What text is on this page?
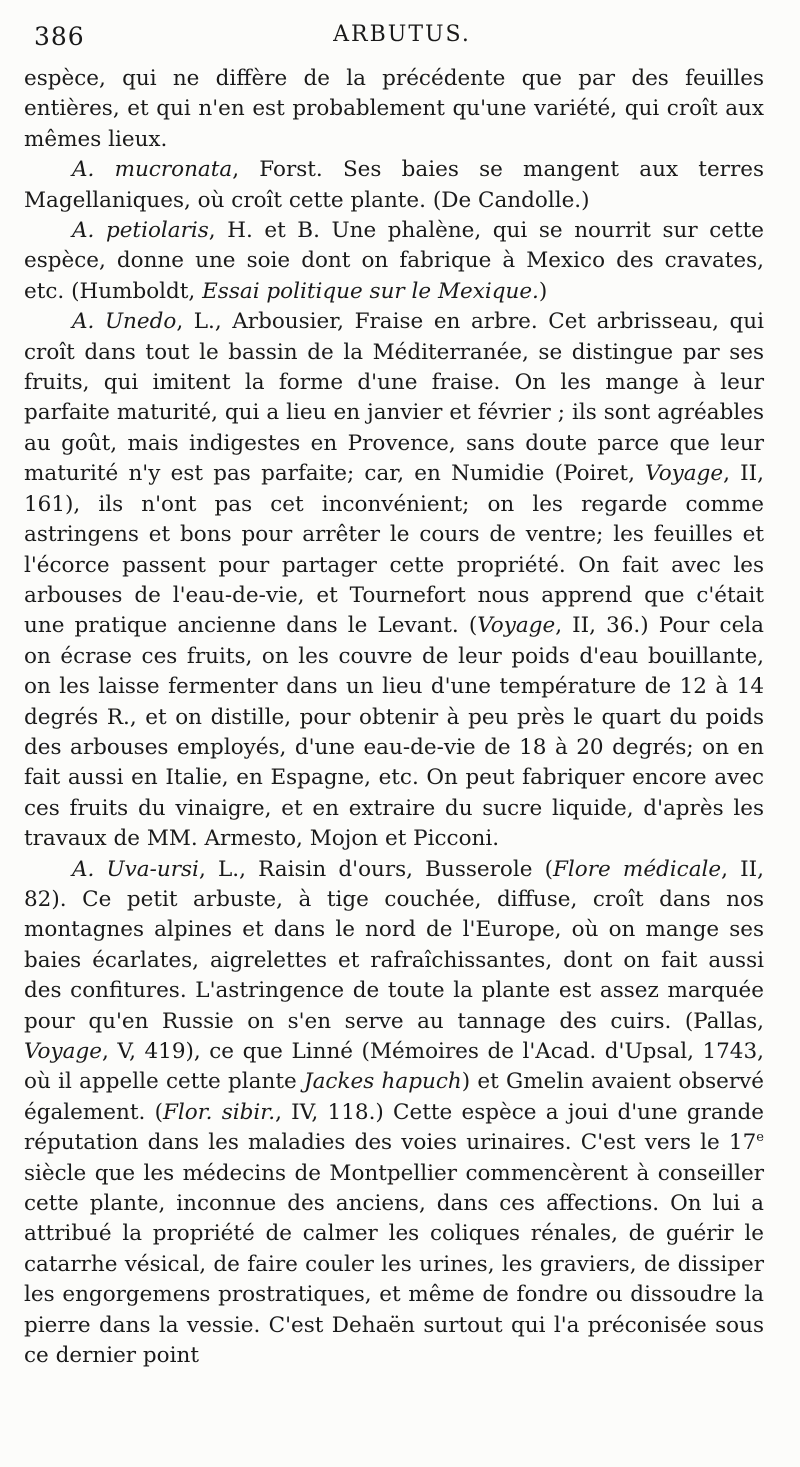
386	ARBUTUS.

espèce, qui ne diffère de la précédente que par des feuilles entières, et qui n'en est probablement qu'une variété, qui croît aux mêmes lieux.

A. mucronata, Forst. Ses baies se mangent aux terres Magellaniques, où croît cette plante. (De Candolle.)

A. petiolaris, H. et B. Une phalène, qui se nourrit sur cette espèce, donne une soie dont on fabrique à Mexico des cravates, etc. (Humboldt, Essai politique sur le Mexique.)

A. Unedo, L., Arbousier, Fraise en arbre. Cet arbrisseau, qui croît dans tout le bassin de la Méditerranée, se distingue par ses fruits, qui imitent la forme d'une fraise. On les mange à leur parfaite maturité, qui a lieu en janvier et février ; ils sont agréables au goût, mais indigestes en Provence, sans doute parce que leur maturité n'y est pas parfaite; car, en Numidie (Poiret, Voyage, II, 161), ils n'ont pas cet inconvénient; on les regarde comme astringens et bons pour arrêter le cours de ventre; les feuilles et l'écorce passent pour partager cette propriété. On fait avec les arbouses de l'eau-de-vie, et Tournefort nous apprend que c'était une pratique ancienne dans le Levant. (Voyage, II, 36.) Pour cela on écrase ces fruits, on les couvre de leur poids d'eau bouillante, on les laisse fermenter dans un lieu d'une température de 12 à 14 degrés R., et on distille, pour obtenir à peu près le quart du poids des arbouses employés, d'une eau-de-vie de 18 à 20 degrés; on en fait aussi en Italie, en Espagne, etc. On peut fabriquer encore avec ces fruits du vinaigre, et en extraire du sucre liquide, d'après les travaux de MM. Armesto, Mojon et Picconi.

A. Uva-ursi, L., Raisin d'ours, Busserole (Flore médicale, II, 82). Ce petit arbuste, à tige couchée, diffuse, croît dans nos montagnes alpines et dans le nord de l'Europe, où on mange ses baies écarlates, aigrelettes et rafraîchissantes, dont on fait aussi des confitures. L'astringence de toute la plante est assez marquée pour qu'en Russie on s'en serve au tannage des cuirs. (Pallas, Voyage, V, 419), ce que Linné (Mémoires de l'Acad. d'Upsal, 1743, où il appelle cette plante Jackes hapuch) et Gmelin avaient observé également. (Flor. sibir., IV, 118.) Cette espèce a joui d'une grande réputation dans les maladies des voies urinaires. C'est vers le 17e siècle que les médecins de Montpellier commencèrent à conseiller cette plante, inconnue des anciens, dans ces affections. On lui a attribué la propriété de calmer les coliques rénales, de guérir le catarrhe vésical, de faire couler les urines, les graviers, de dissiper les engorgemens prostratiques, et même de fondre ou dissoudre la pierre dans la vessie. C'est Dehaën surtout qui l'a préconisée sous ce dernier point
